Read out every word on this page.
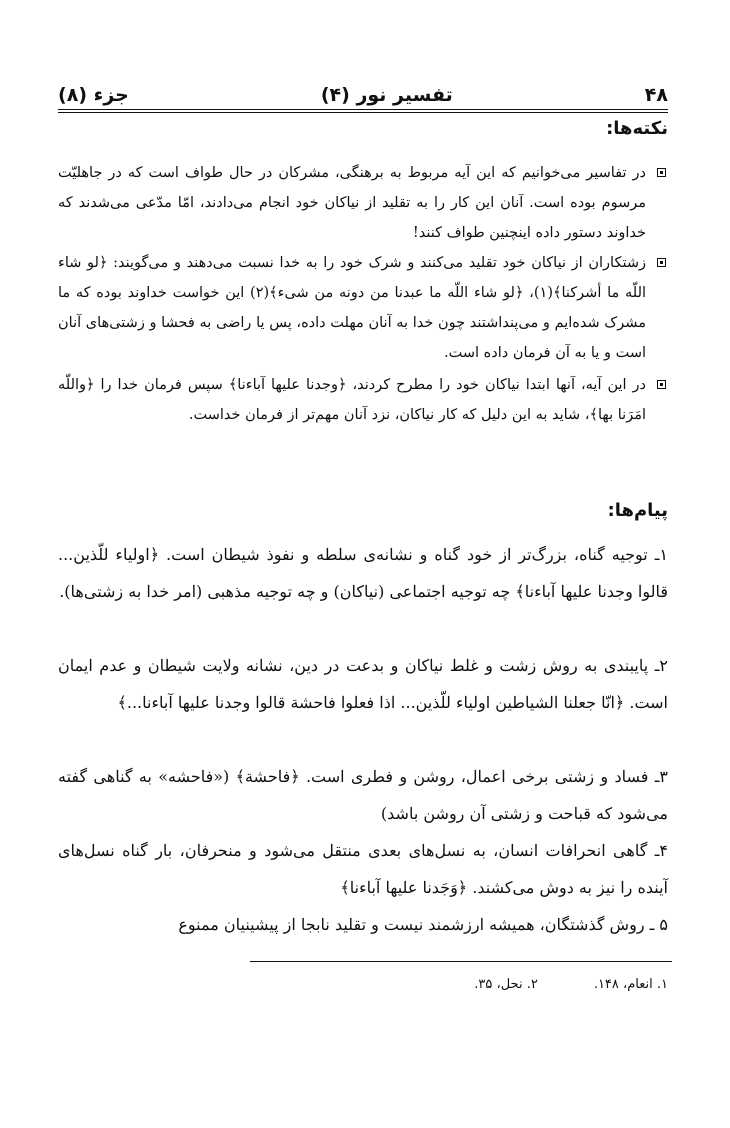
۴۸
تفسیر نور (۴)
جزء (۸)
نکته‌ها:
در تفاسیر می‌خوانیم که این آیه مربوط به برهنگی، مشرکان در حال طواف است که در جاهلیّت مرسوم بوده است. آنان این کار را به تقلید از نیاکان خود انجام می‌دادند، امّا مدّعی می‌شدند که خداوند دستور داده اینچنین طواف کنند!
زشتکاران از نیاکان خود تقلید می‌کنند و شرک خود را به خدا نسبت می‌دهند و می‌گویند: ﴿لو شاء اللّه ما أشرکنا﴾(۱)، ﴿لو شاء اللّه ما عبدنا من دونه من شیء﴾(۲) این خواست خداوند بوده که ما مشرک شده‌ایم و می‌پنداشتند چون خدا به آنان مهلت داده، پس یا راضی به فحشا و زشتی‌های آنان است و یا به آن فرمان داده است.
در این آیه، آنها ابتدا نیاکان خود را مطرح کردند، ﴿وجدنا علیها آباءنا﴾ سپس فرمان خدا را ﴿واللّه امَرَنا بها﴾، شاید به این دلیل که کار نیاکان، نزد آنان مهم‌تر از فرمان خداست.
پیام‌ها:
۱ـ توجیه گناه، بزرگ‌تر از خود گناه و نشانه‌ی سلطه و نفوذ شیطان است. ﴿اولیاء للّذین... قالوا وجدنا علیها آباءنا﴾ چه توجیه اجتماعی (نیاکان) و چه توجیه مذهبی (امر خدا به زشتی‌ها).
۲ـ پایبندی به روش زشت و غلط نیاکان و بدعت در دین، نشانه ولایت شیطان و عدم ایمان است. ﴿انّا جعلنا الشیاطین اولیاء للّذین... اذا فعلوا فاحشة قالوا وجدنا علیها آباءنا...﴾
۳ـ فساد و زشتی برخی اعمال، روشن و فطری است. ﴿فاحشة﴾ («فاحشه» به گناهی گفته می‌شود که قباحت و زشتی آن روشن باشد)
۴ـ گاهی انحرافات انسان، به نسل‌های بعدی منتقل می‌شود و منحرفان، بار گناه نسل‌های آینده را نیز به دوش می‌کشند. ﴿وَجَدنا علیها آباءنا﴾
۵ ـ روش گذشتگان، همیشه ارزشمند نیست و تقلید نابجا از پیشینیان ممنوع
۱. انعام، ۱۴۸.
۲. نحل، ۳۵.
